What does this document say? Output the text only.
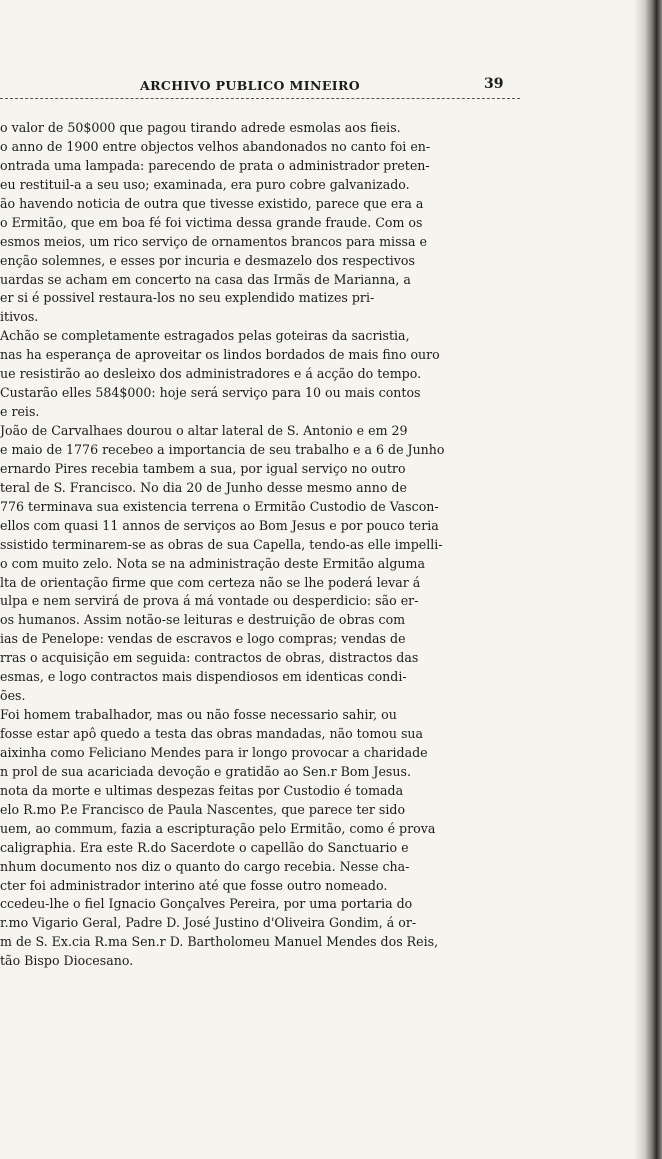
ARCHIVO PUBLICO MINEIRO	39
o valor de 50$000 que pagou tirando adrede esmolas aos fieis.
o anno de 1900 entre objectos velhos abandonados no canto foi en-
ontrada uma lampada: parecendo de prata o administrador preten-
eu restituil-a a seu uso; examinada, era puro cobre galvanizado.
ão havendo noticia de outra que tivesse existido, parece que era a
o Ermitão, que em boa fé foi victima dessa grande fraude. Com os
esmos meios, um rico serviço de ornamentos brancos para missa e
enção solemnes, e esses por incuria e desmazelo dos respectivos
uardas se acham em concerto na casa das Irmãs de Marianna, a
er si é possivel restaura-los no seu explendido matizes pri-
itivos.
Achão se completamente estragados pelas goteiras da sacristia,
nas ha esperança de aproveitar os lindos bordados de mais fino ouro
ue resistirão ao desleixo dos administradores e á acção do tempo.
Custarão elles 584$000: hoje será serviço para 10 ou mais contos
e reis.
João de Carvalhaes dourou o altar lateral de S. Antonio e em 29
e maio de 1776 recebeo a importancia de seu trabalho e a 6 de Junho
ernardo Pires recebia tambem a sua, por igual serviço no outro
teral de S. Francisco. No dia 20 de Junho desse mesmo anno de
776 terminava sua existencia terrena o Ermitão Custodio de Vascon-
ellos com quasi 11 annos de serviços ao Bom Jesus e por pouco teria
ssistido terminarem-se as obras de sua Capella, tendo-as elle impelli-
o com muito zelo. Nota se na administração deste Ermitão alguma
lta de orientação firme que com certeza não se lhe poderá levar á
ulpa e nem servirá de prova á má vontade ou desperdicio: são er-
os humanos. Assim notão-se leituras e destruição de obras com
ias de Penelope: vendas de escravos e logo compras; vendas de
rras o acquisição em seguida: contractos de obras, distractos das
esmas, e logo contractos mais dispendiosos em identicas condi-
ões.
Foi homem trabalhador, mas ou não fosse necessario sahir, ou
fosse estar apô quedo a testa das obras mandadas, não tomou sua
aixinha como Feliciano Mendes para ir longo provocar a charidade
n prol de sua acariciada devoção e gratidão ao Sen.r Bom Jesus.
nota da morte e ultimas despezas feitas por Custodio é tomada
elo R.mo P.e Francisco de Paula Nascentes, que parece ter sido
uem, ao commum, fazia a escripturação pelo Ermitão, como é prova
caligraphia. Era este R.do Sacerdote o capellão do Sanctuario e
nhum documento nos diz o quanto do cargo recebia. Nesse cha-
cter foi administrador interino até que fosse outro nomeado.
ccedeu-lhe o fiel Ignacio Gonçalves Pereira, por uma portaria do
r.mo Vigario Geral, Padre D. José Justino d'Oliveira Gondim, á or-
m de S. Ex.cia R.ma Sen.r D. Bartholomeu Manuel Mendes dos Reis,
tão Bispo Diocesano.
